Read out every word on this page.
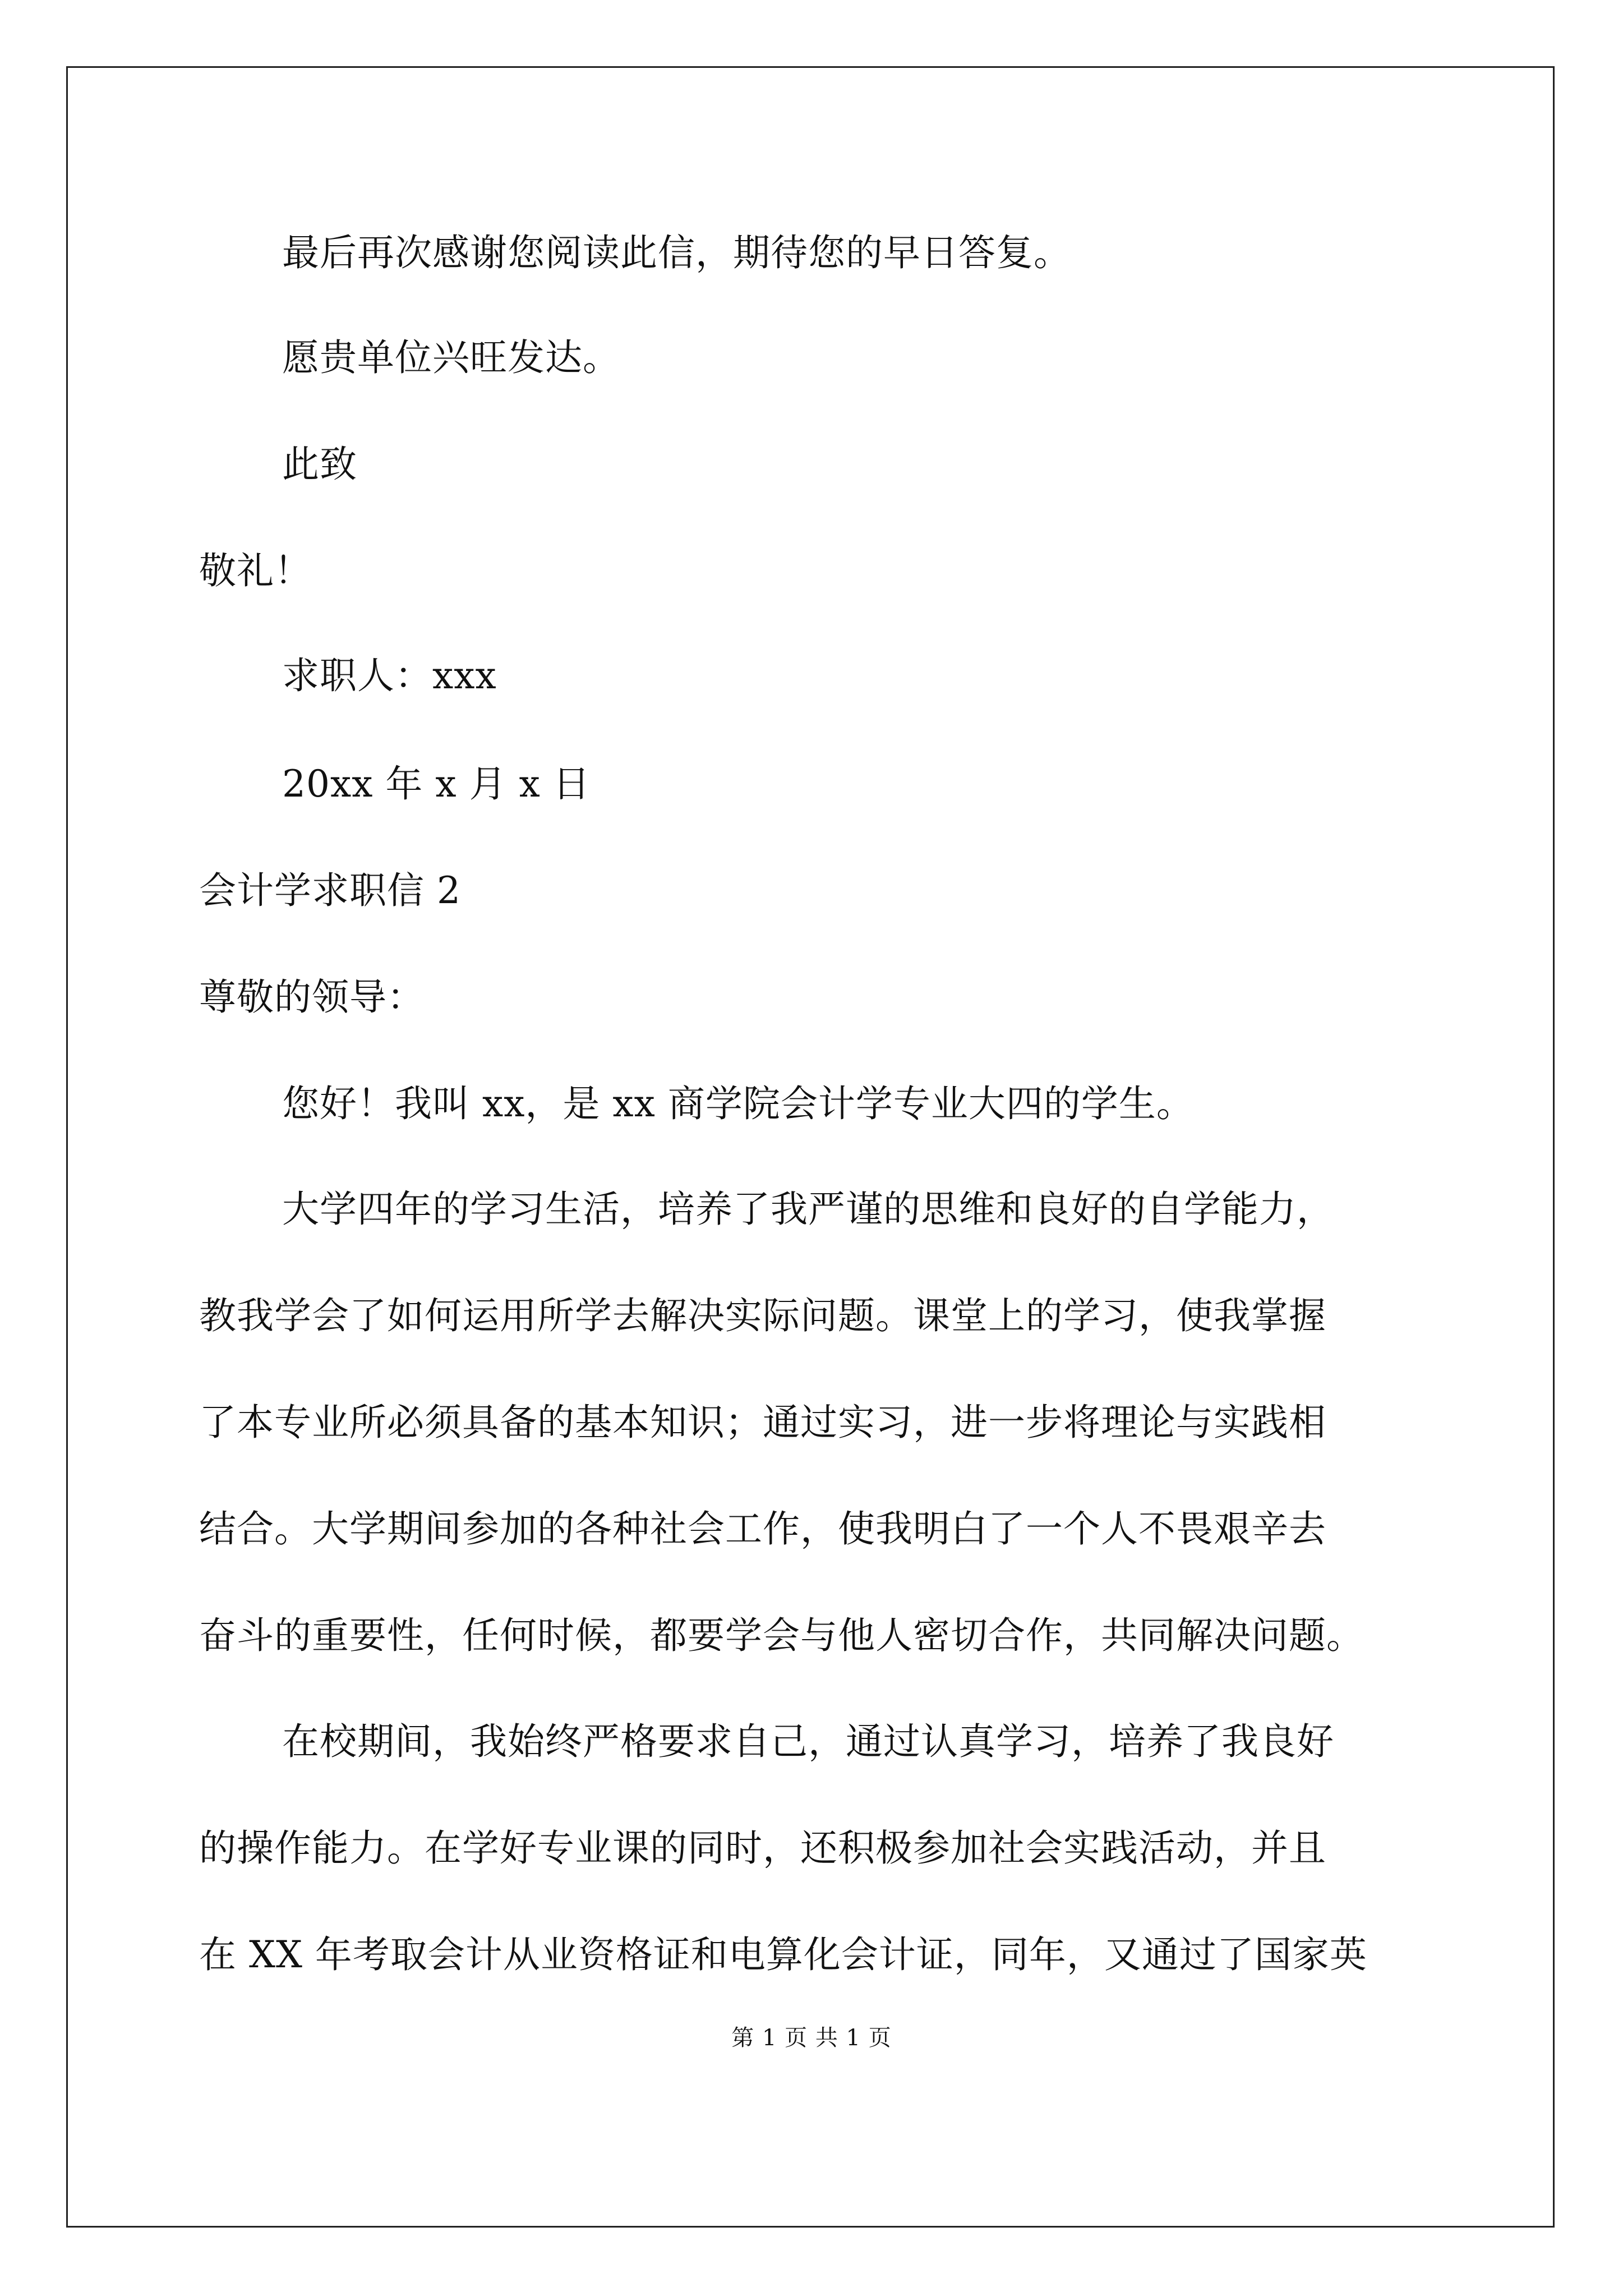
最后再次感谢您阅读此信，期待您的早日答复。
愿贵单位兴旺发达。
此致
敬礼！
求职人：xxx
20xx 年 x 月 x 日
会计学求职信 2
尊敬的领导：
您好！我叫 xx，是 xx 商学院会计学专业大四的学生。
大学四年的学习生活，培养了我严谨的思维和良好的自学能力，
教我学会了如何运用所学去解决实际问题。课堂上的学习，使我掌握
了本专业所必须具备的基本知识；通过实习，进一步将理论与实践相
结合。大学期间参加的各种社会工作，使我明白了一个人不畏艰辛去
奋斗的重要性，任何时候，都要学会与他人密切合作，共同解决问题。
在校期间，我始终严格要求自己，通过认真学习，培养了我良好
的操作能力。在学好专业课的同时，还积极参加社会实践活动，并且
在 XX 年考取会计从业资格证和电算化会计证，同年，又通过了国家英
第 1 页 共 1 页
